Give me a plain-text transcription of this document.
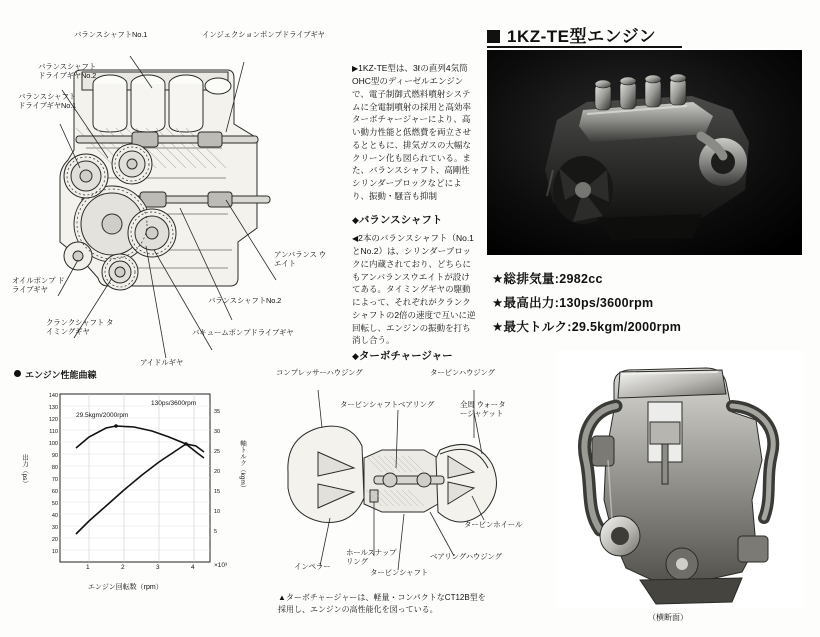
バランスシャフトNo.1	インジェクションポンプドライブギヤ
バランスシャフト ドライブギヤNo.2
バランスシャフト ドライブギヤNo.1
アンバランス ウエイト
オイルポンプ ドライブギヤ
バランスシャフトNo.2
クランクシャフト タイミングギヤ	バキュームポンプドライブギヤ
アイドルギヤ
▶1KZ-TE型は、3ℓの直列4気筒OHC型のディーゼルエンジンで、電子制御式燃料噴射システムに全電制噴射の採用と高効率ターボチャージャーにより、高い動力性能と低燃費を両立させるとともに、排気ガスの大幅なクリーン化も図られている。また、バランスシャフト、高剛性シリンダーブロックなどにより、振動・騒音も抑制
◆バランスシャフト
◀2本のバランスシャフト（No.1とNo.2）は、シリンダーブロックに内蔵されており、どちらにもアンバランスウエイトが設けてある。タイミングギヤの駆動によって、それぞれがクランクシャフトの2倍の速度で互いに逆回転し、エンジンの振動を打ち消し合う。
◆ターボチャージャー
1KZ-TE型エンジン
★総排気量:2982cc
★最高出力:130ps/3600rpm
★最大トルク:29.5kgm/2000rpm
エンジン性能曲線
29.5kgm/2000rpm
130ps/3600rpm
140
130
120
110
100
90
80
70
60
50
40
30
20
10
35
30
25
20
15
10
5
出力（ps）	軸トルク（kgm）
1	2	3	4	×10³
エンジン回転数（rpm）
コンプレッサーハウジング	タービンハウジング
タービンシャフトベアリング	全周 ウォータージャケット
タービンホイール
ホールスナップ リング
インペラー
タービンシャフト
ベアリングハウジング
▲ターボチャージャーは、軽量・コンパクトなCT12B型を採用し、エンジンの高性能化を図っている。
（横断面）
